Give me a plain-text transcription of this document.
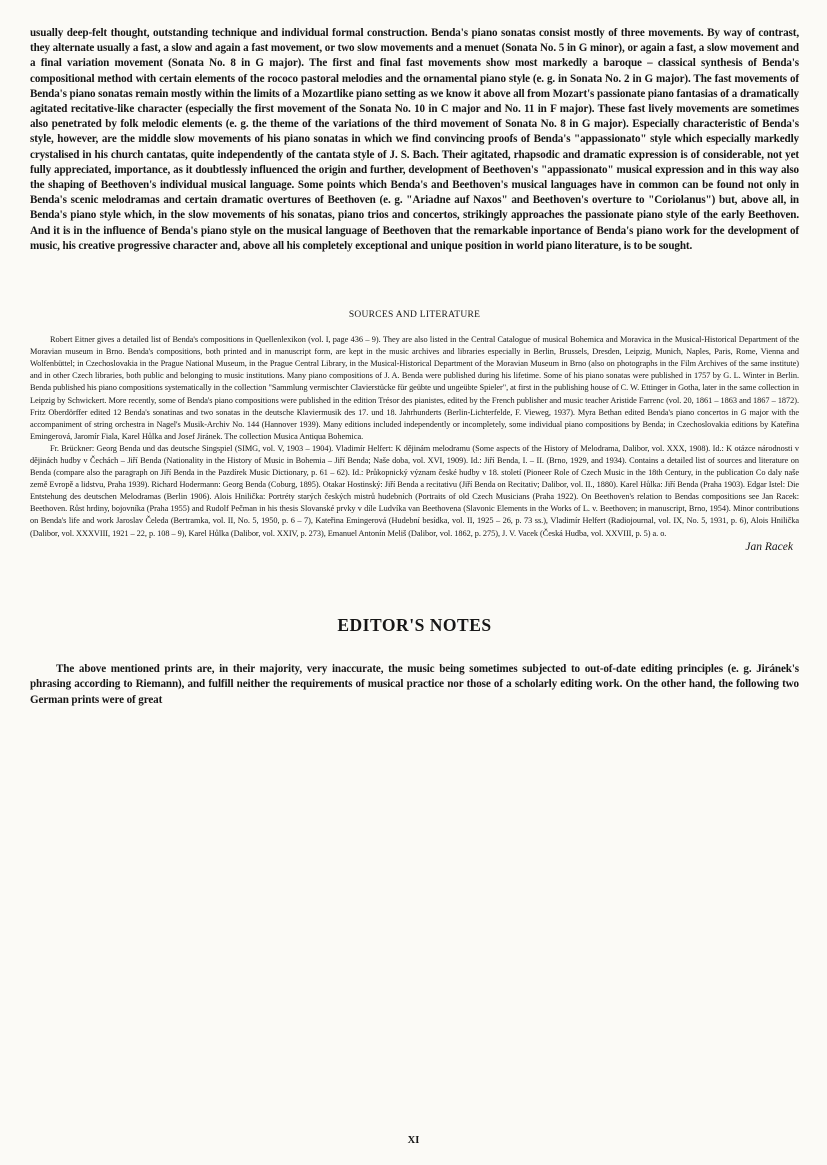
usually deep-felt thought, outstanding technique and individual formal construction. Benda's piano sonatas consist mostly of three movements. By way of contrast, they alternate usually a fast, a slow and again a fast movement, or two slow movements and a menuet (Sonata No. 5 in G minor), or again a fast, a slow movement and a final variation movement (Sonata No. 8 in G major). The first and final fast movements show most markedly a baroque – classical synthesis of Benda's compositional method with certain elements of the rococo pastoral melodies and the ornamental piano style (e. g. in Sonata No. 2 in G major). The fast movements of Benda's piano sonatas remain mostly within the limits of a Mozartlike piano setting as we know it above all from Mozart's passionate piano fantasias of a dramatically agitated recitative-like character (especially the first movement of the Sonata No. 10 in C major and No. 11 in F major). These fast lively movements are sometimes also penetrated by folk melodic elements (e. g. the theme of the variations of the third movement of Sonata No. 8 in G major). Especially characteristic of Benda's style, however, are the middle slow movements of his piano sonatas in which we find convincing proofs of Benda's "appassionato" style which especially markedly crystalised in his church cantatas, quite independently of the cantata style of J. S. Bach. Their agitated, rhapsodic and dramatic expression is of considerable, not yet fully appreciated, importance, as it doubtlessly influenced the origin and further, development of Beethoven's "appassionato" musical expression and in this way also the shaping of Beethoven's individual musical language. Some points which Benda's and Beethoven's musical languages have in common can be found not only in Benda's scenic melodramas and certain dramatic overtures of Beethoven (e. g. "Ariadne auf Naxos" and Beethoven's overture to "Coriolanus") but, above all, in Benda's piano style which, in the slow movements of his sonatas, piano trios and concertos, strikingly approaches the passionate piano style of the early Beethoven. And it is in the influence of Benda's piano style on the musical language of Beethoven that the remarkable inportance of Benda's piano work for the development of music, his creative progressive character and, above all his completely exceptional and unique position in world piano literature, is to be sought.

SOURCES AND LITERATURE

Robert Eitner gives a detailed list of Benda's compositions in Quellenlexikon (vol. I, page 436 – 9). They are also listed in the Central Catalogue of musical Bohemica and Moravica in the Musical-Historical Department of the Moravian museum in Brno. Benda's compositions, both printed and in manuscript form, are kept in the music archives and libraries especially in Berlin, Brussels, Dresden, Leipzig, Munich, Naples, Paris, Rome, Vienna and Wolfenbüttel; in Czechoslovakia in the Prague National Museum, in the Prague Central Library, in the Musical-Historical Department of the Moravian Museum in Brno (also on photographs in the Film Archives of the same institute) and in other Czech libraries, both public and belonging to music institutions. Many piano compositions of J. A. Benda were published during his lifetime. Some of his piano sonatas were published in 1757 by G. L. Winter in Berlin. Benda published his piano compositions systematically in the collection "Sammlung vermischter Clavierstücke für geübte und ungeübte Spieler", at first in the publishing house of C. W. Ettinger in Gotha, later in the same collection in Leipzig by Schwickert. More recently, some of Benda's piano compositions were published in the edition Trésor des pianistes, edited by the French publisher and music teacher Aristide Farrenc (vol. 20, 1861 – 1863 and 1867 – 1872). Fritz Oberdörffer edited 12 Benda's sonatinas and two sonatas in the deutsche Klaviermusik des 17. und 18. Jahrhunderts (Berlin-Lichterfelde, F. Vieweg, 1937). Myra Bethan edited Benda's piano concertos in G major with the accompaniment of string orchestra in Nagel's Musik-Archiv No. 144 (Hannover 1939). Many editions included independently or incompletely, some individual piano compositions by Benda; in Czechoslovakia editions by Kateřina Emingerová, Jaromír Fiala, Karel Hůlka and Josef Jiránek. The collection Musica Antiqua Bohemica.

Fr. Brückner: Georg Benda und das deutsche Singspiel (SIMG, vol. V, 1903 – 1904). Vladimír Helfert: K dějinám melodramu (Some aspects of the History of Melodrama, Dalibor, vol. XXX, 1908). Id.: K otázce národnosti v dějinách hudby v Čechách – Jiří Benda (Nationality in the History of Music in Bohemia – Jiří Benda; Naše doba, vol. XVI, 1909). Id.: Jiří Benda, I. – II. (Brno, 1929, and 1934). Contains a detailed list of sources and literature on Benda (compare also the paragraph on Jiří Benda in the Pazdírek Music Dictionary, p. 61 – 62). Id.: Průkopnický význam české hudby v 18. století (Pioneer Role of Czech Music in the 18th Century, in the publication Co daly naše země Evropě a lidstvu, Praha 1939). Richard Hodermann: Georg Benda (Coburg, 1895). Otakar Hostinský: Jiří Benda a recitativu (Jiří Benda on Recitativ; Dalibor, vol. II., 1880). Karel Hůlka: Jiří Benda (Praha 1903). Edgar Istel: Die Entstehung des deutschen Melodramas (Berlin 1906). Alois Hnilička: Portréty starých českých mistrů hudebních (Portraits of old Czech Musicians (Praha 1922). On Beethoven's relation to Bendas compositions see Jan Racek: Beethoven. Růst hrdiny, bojovníka (Praha 1955) and Rudolf Pečman in his thesis Slovanské prvky v díle Ludvíka van Beethovena (Slavonic Elements in the Works of L. v. Beethoven; in manuscript, Brno, 1954). Minor contributions on Benda's life and work Jaroslav Čeleda (Bertramka, vol. II, No. 5, 1950, p. 6 – 7), Kateřina Emingerová (Hudební besídka, vol. II, 1925 – 26, p. 73 ss.), Vladimír Helfert (Radiojournal, vol. IX, No. 5, 1931, p. 6), Alois Hnilička (Dalibor, vol. XXXVIII, 1921 – 22, p. 108 – 9), Karel Hůlka (Dalibor, vol. XXIV, p. 273), Emanuel Antonín Meliš (Dalibor, vol. 1862, p. 275), J. V. Vacek (Česká Hudba, vol. XXVIII, p. 5) a. o.

Jan Racek
EDITOR'S NOTES

The above mentioned prints are, in their majority, very inaccurate, the music being sometimes subjected to out-of-date editing principles (e. g. Jiránek's phrasing according to Riemann), and fulfill neither the requirements of musical practice nor those of a scholarly editing work. On the other hand, the following two German prints were of great

XI
